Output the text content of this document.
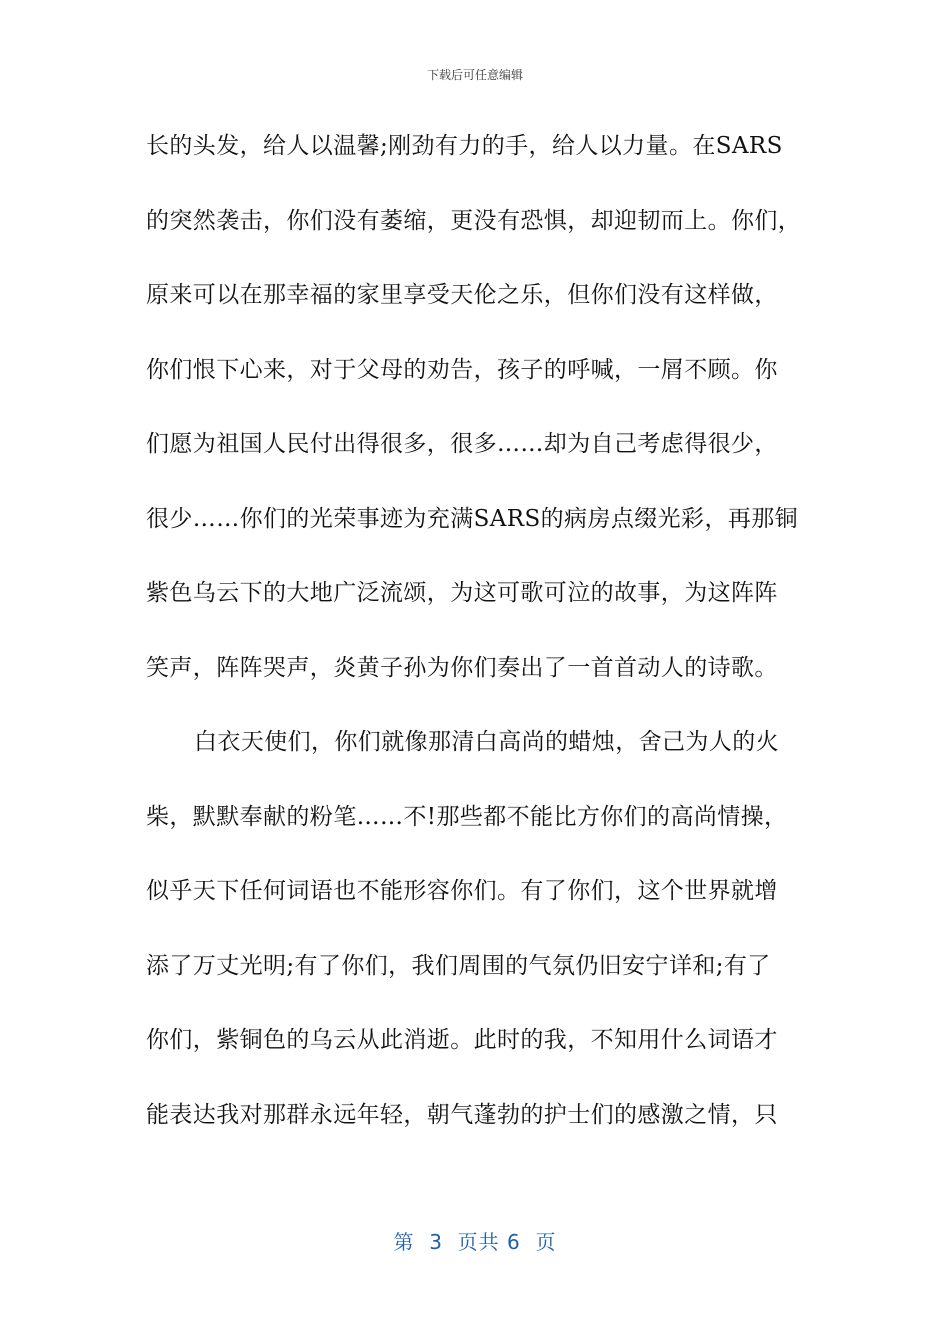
下载后可任意编辑
长的头发，给人以温馨;刚劲有力的手，给人以力量。在SARS
的突然袭击，你们没有萎缩，更没有恐惧，却迎韧而上。你们，
原来可以在那幸福的家里享受天伦之乐，但你们没有这样做，
你们恨下心来，对于父母的劝告，孩子的呼喊，一屑不顾。你
们愿为祖国人民付出得很多，很多……却为自己考虑得很少，
很少……你们的光荣事迹为充满SARS的病房点缀光彩，再那铜
紫色乌云下的大地广泛流颂，为这可歌可泣的故事，为这阵阵
笑声，阵阵哭声，炎黄子孙为你们奏出了一首首动人的诗歌。
白衣天使们，你们就像那清白高尚的蜡烛，舍己为人的火
柴，默默奉献的粉笔……不!那些都不能比方你们的高尚情操，
似乎天下任何词语也不能形容你们。有了你们，这个世界就增
添了万丈光明;有了你们，我们周围的气氛仍旧安宁详和;有了
你们，紫铜色的乌云从此消逝。此时的我，不知用什么词语才
能表达我对那群永远年轻，朝气蓬勃的护士们的感激之情，只
第  3  页共 6  页
